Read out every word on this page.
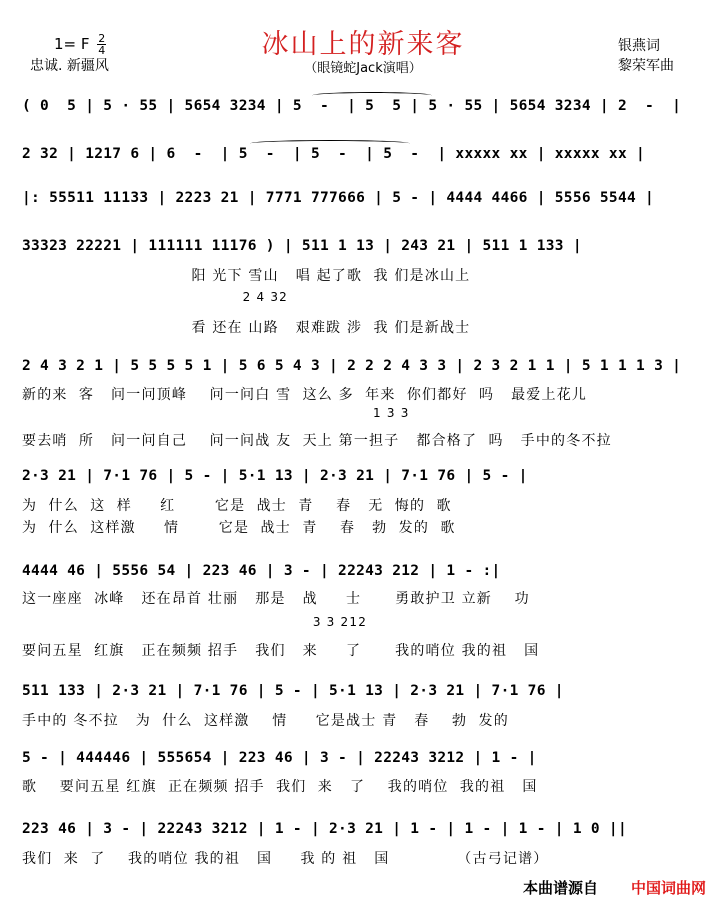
冰山上的新来客
1= F $\frac{2}{4}$
忠诚. 新疆风	（眼镜蛇Jack演唱）
银燕词
黎荣军曲
( 0  5 | 5 · 55 | 5654 3234 | 5  -  | 5  5 | 5 · 55 | 5654 3234 | 2  -  |
2 32 | 1217 6 | 6  -  | 5  -  | 5  -  | 5  -  | xxxxx xx | xxxxx xx |
|: 55511 11133 | 2223 21 | 7771 777666 | 5 - | 4444 4466 | 5556 5544 |
33323 22221 | 111111 11176 ) | 511 1 13 | 243 21 | 511 1 133 |
阳 光下 雪山   唱 起了歌  我 们是冰山上
2 4 32
看 还在 山路   艰难跋 涉  我 们是新战士
2 4 3 2 1 | 5 5 5 5 1 | 5 6 5 4 3 | 2 2 2 4 3 3 | 2 3 2 1 1 | 5 1 1 1 3 |
新的来  客   问一问顶峰    问一问白 雪  这么 多  年来  你们都好  吗   最爱上花儿
1 3 3
要去哨  所   问一问自己    问一问战 友  天上 第一担子   都合格了  吗   手中的冬不拉
2·3 21 | 7·1 76 | 5 - | 5·1 13 | 2·3 21 | 7·1 76 | 5 - |
为  什么  这  样     红       它是  战士  青    春   无  悔的  歌
为  什么  这样激     情       它是  战士  青    春   勃  发的  歌
4444 46 | 5556 54 | 223 46 | 3 - | 22243 212 | 1 - :|
这一座座  冰峰   还在昂首 壮丽   那是   战     士      勇敢护卫 立新    功
3 3 212
要问五星  红旗   正在频频 招手   我们   来     了      我的哨位 我的祖   国
511 133 | 2·3 21 | 7·1 76 | 5 - | 5·1 13 | 2·3 21 | 7·1 76 |
手中的 冬不拉   为  什么  这样激    情     它是战士 青   春    勃  发的
5 - | 444446 | 555654 | 223 46 | 3 - | 22243 3212 | 1 - |
歌    要问五星 红旗  正在频频 招手  我们  来   了    我的哨位  我的祖   国
223 46 | 3 - | 22243 3212 | 1 - | 2·3 21 | 1 - | 1 - | 1 - | 1 0 ||
我们  来  了    我的哨位 我的祖   国     我 的 祖   国            （古弓记谱）
本曲谱源自 中国词曲网
